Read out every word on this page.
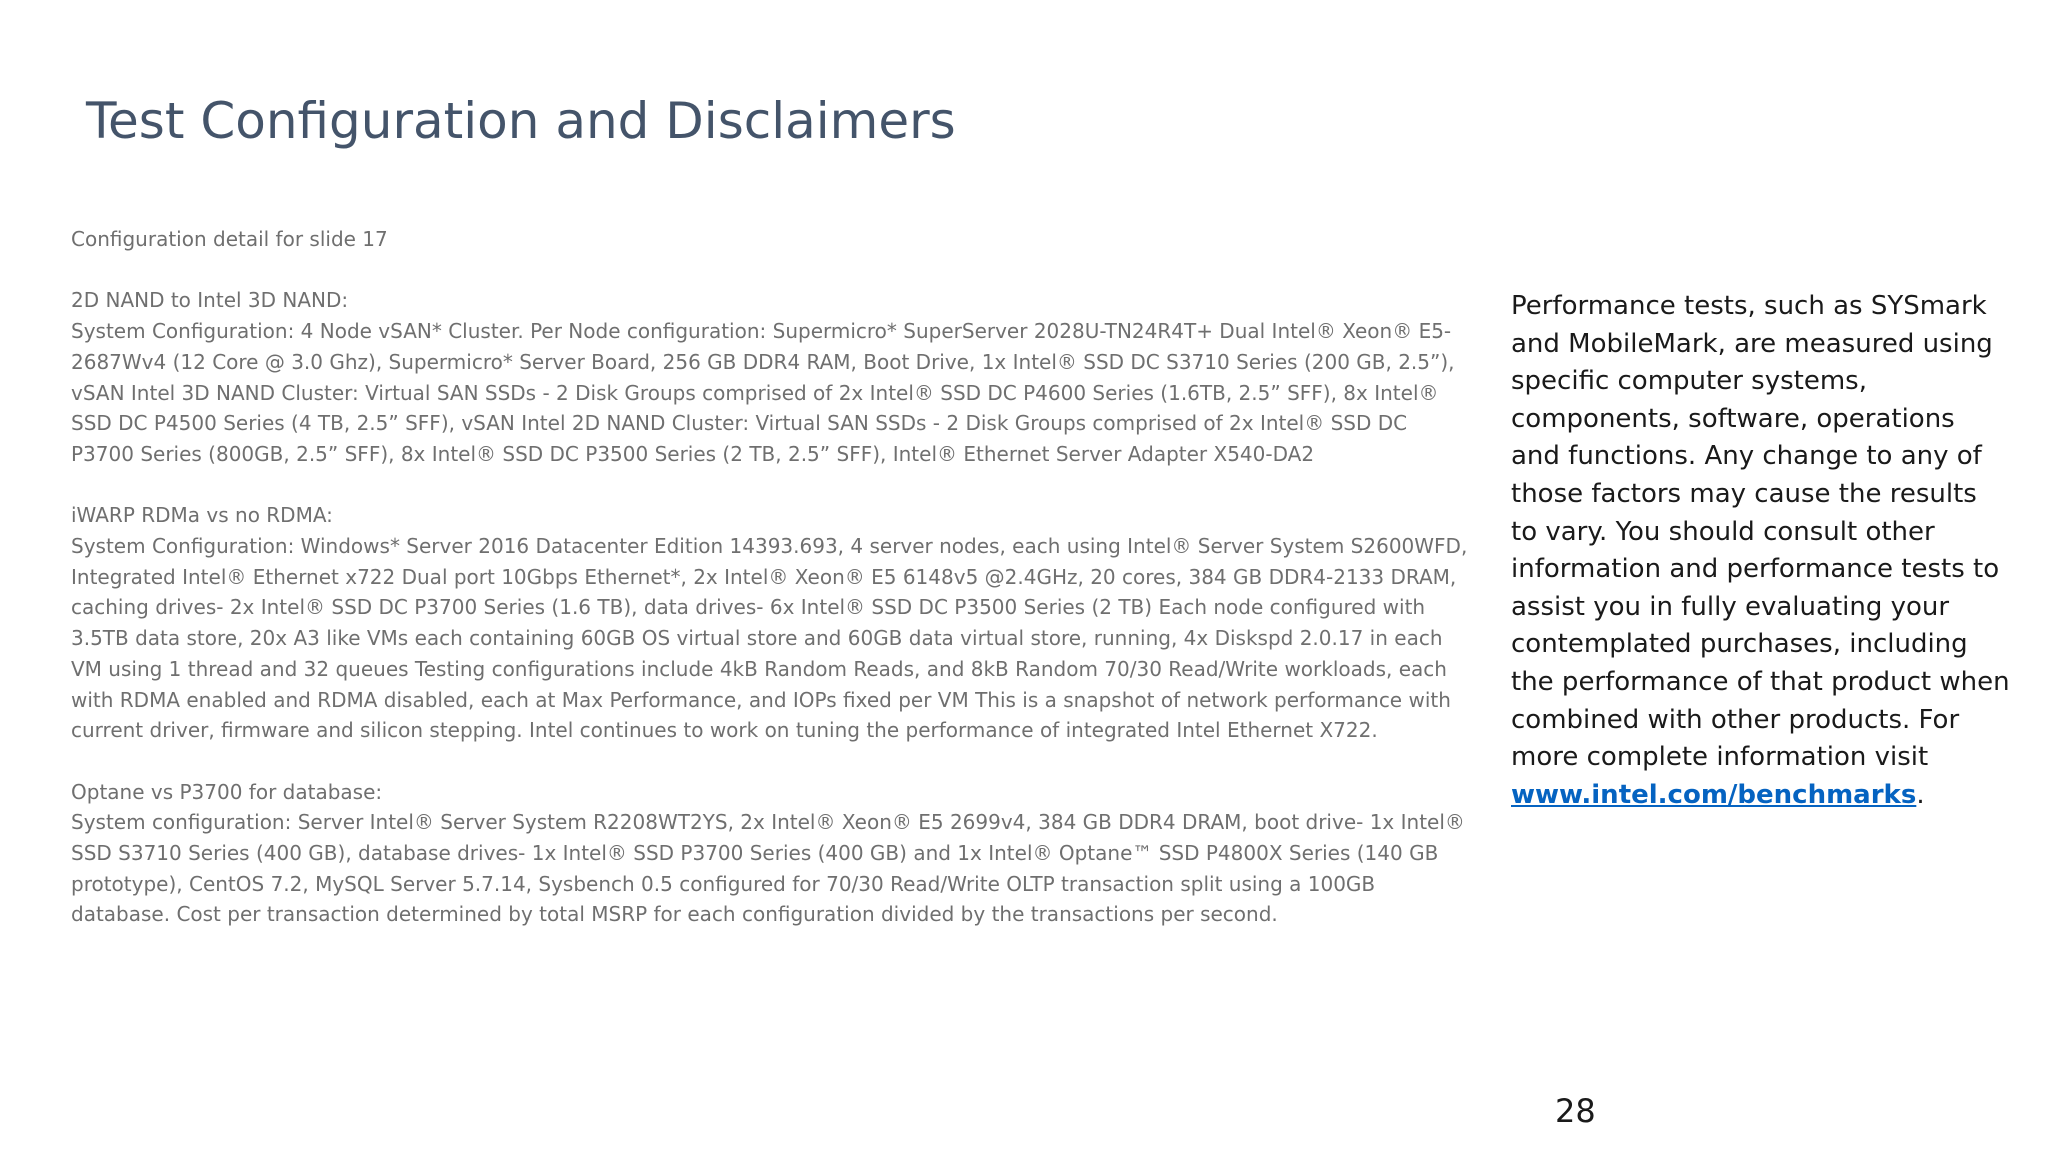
Test Configuration and Disclaimers

Configuration detail for slide 17

2D NAND to Intel 3D NAND:

System Configuration: 4 Node vSAN* Cluster. Per Node configuration: Supermicro* SuperServer 2028U-TN24R4T+ Dual Intel® Xeon® E5-2687Wv4 (12 Core @ 3.0 Ghz), Supermicro* Server Board, 256 GB DDR4 RAM, Boot Drive, 1x Intel® SSD DC S3710 Series (200 GB, 2.5”), vSAN Intel 3D NAND Cluster: Virtual SAN SSDs - 2 Disk Groups comprised of 2x Intel® SSD DC P4600 Series (1.6TB, 2.5” SFF), 8x Intel® SSD DC P4500 Series (4 TB, 2.5” SFF), vSAN Intel 2D NAND Cluster: Virtual SAN SSDs - 2 Disk Groups comprised of 2x Intel® SSD DC P3700 Series (800GB, 2.5” SFF), 8x Intel® SSD DC P3500 Series (2 TB, 2.5” SFF), Intel® Ethernet Server Adapter X540-DA2

iWARP RDMa vs no RDMA:

System Configuration: Windows* Server 2016 Datacenter Edition 14393.693, 4 server nodes, each using Intel® Server System S2600WFD, Integrated Intel® Ethernet x722 Dual port 10Gbps Ethernet*, 2x Intel® Xeon® E5 6148v5 @2.4GHz, 20 cores, 384 GB DDR4-2133 DRAM, caching drives- 2x Intel® SSD DC P3700 Series (1.6 TB), data drives- 6x Intel® SSD DC P3500 Series (2 TB) Each node configured with 3.5TB data store, 20x A3 like VMs each containing 60GB OS virtual store and 60GB data virtual store, running, 4x Diskspd 2.0.17 in each VM using 1 thread and 32 queues Testing configurations include 4kB Random Reads, and 8kB Random 70/30 Read/Write workloads, each with RDMA enabled and RDMA disabled, each at Max Performance, and IOPs fixed per VM This is a snapshot of network performance with current driver, firmware and silicon stepping. Intel continues to work on tuning the performance of integrated Intel Ethernet X722.

Optane vs P3700 for database:

System configuration: Server Intel® Server System R2208WT2YS, 2x Intel® Xeon® E5 2699v4, 384 GB DDR4 DRAM, boot drive- 1x Intel® SSD S3710 Series (400 GB), database drives- 1x Intel® SSD P3700 Series (400 GB) and 1x Intel® Optane™ SSD P4800X Series (140 GB prototype), CentOS 7.2, MySQL Server 5.7.14, Sysbench 0.5 configured for 70/30 Read/Write OLTP transaction split using a 100GB database. Cost per transaction determined by total MSRP for each configuration divided by the transactions per second.

Performance tests, such as SYSmark and MobileMark, are measured using specific computer systems, components, software, operations and functions. Any change to any of those factors may cause the results to vary. You should consult other information and performance tests to assist you in fully evaluating your contemplated purchases, including the performance of that product when combined with other products. For more complete information visit www.intel.com/benchmarks.

28
